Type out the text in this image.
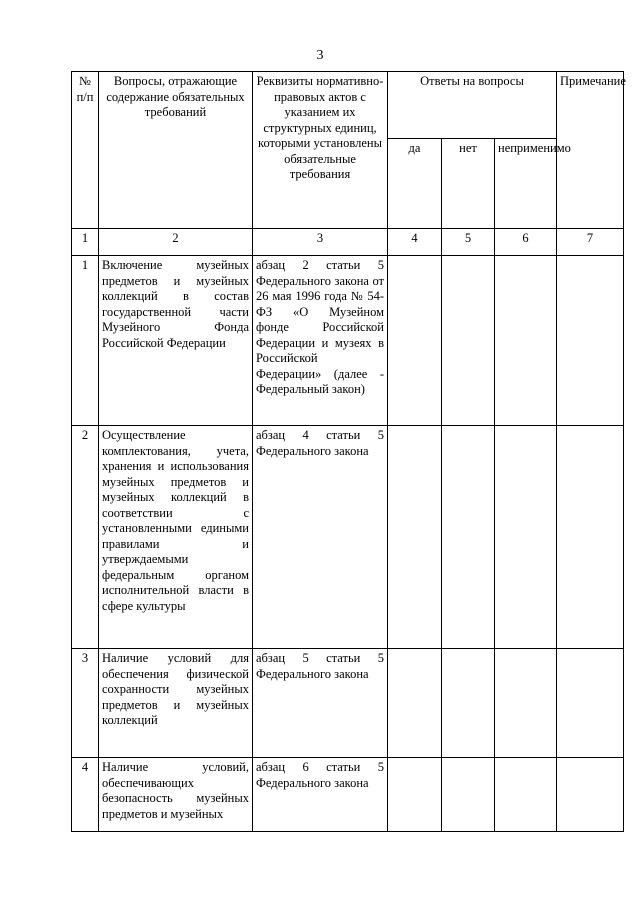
3
№ п/п	Вопросы, отражающие содержание обязательных требований	Реквизиты нормативно-правовых актов с указанием их структурных единиц, которыми установлены обязательные требования	Ответы на вопросы			Примечание
			да	нет	неприменимо	
1	2	3	4	5	6	7
1	Включение музейных предметов и музейных коллекций в состав государственной части Музейного Фонда Российской Федерации	абзац 2 статьи 5 Федерального закона от 26 мая 1996 года № 54-ФЗ «О Музейном фонде Российской Федерации и музеях в Российской Федерации» (далее - Федеральный закон)				
2	Осуществление комплектования, учета, хранения и использования музейных предметов и музейных коллекций в соответствии с установленными едиными правилами и утверждаемыми федеральным органом исполнительной власти в сфере культуры	абзац 4 статьи 5 Федерального закона				
3	Наличие условий для обеспечения физической сохранности музейных предметов и музейных коллекций	абзац 5 статьи 5 Федерального закона				
4	Наличие условий, обеспечивающих безопасность музейных предметов и музейных	абзац 6 статьи 5 Федерального закона				
